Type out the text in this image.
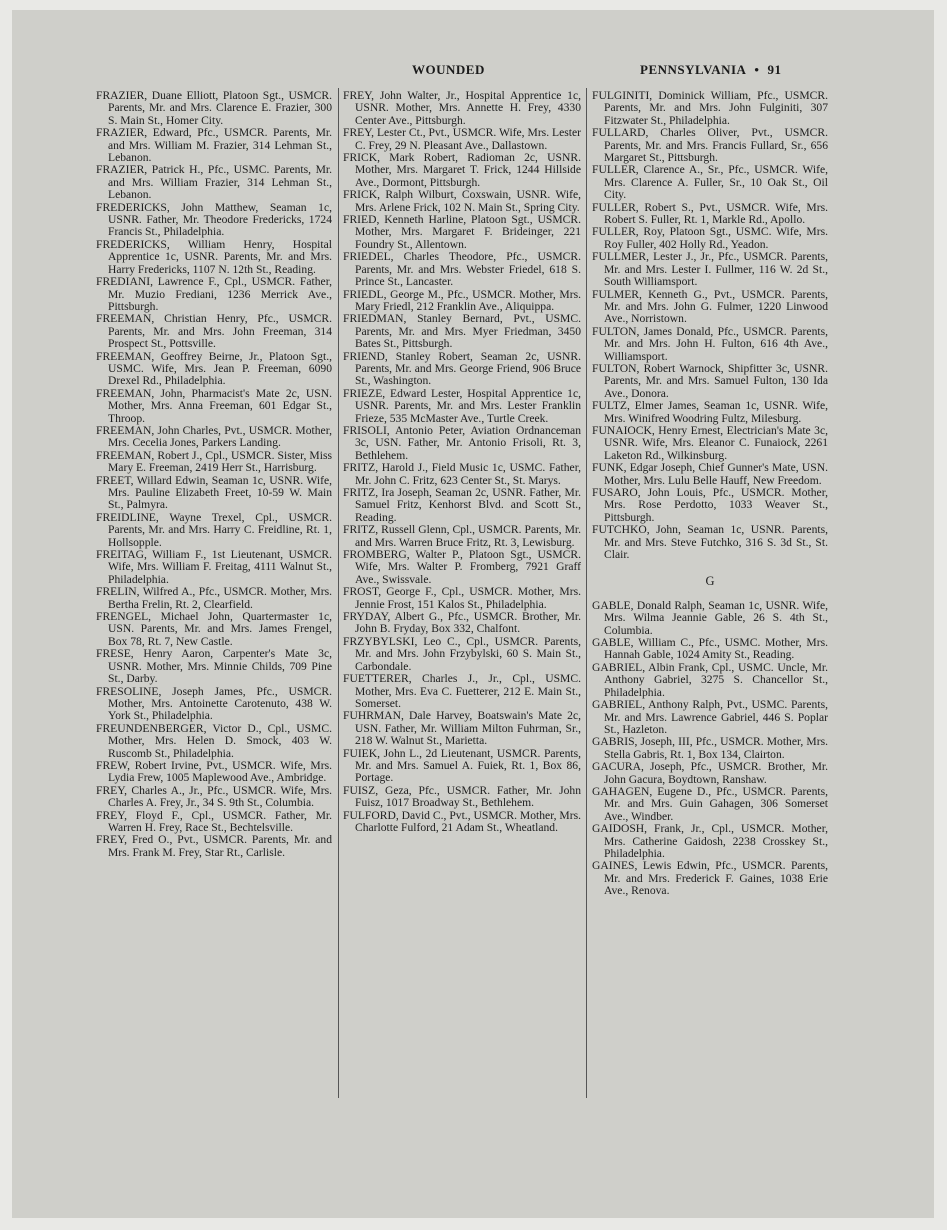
WOUNDED	PENNSYLVANIA • 91
FRAZIER, Duane Elliott, Platoon Sgt., USMCR. Parents, Mr. and Mrs. Clarence E. Frazier, 300 S. Main St., Homer City.
FRAZIER, Edward, Pfc., USMCR. Parents, Mr. and Mrs. William M. Frazier, 314 Lehman St., Lebanon.
FRAZIER, Patrick H., Pfc., USMC. Parents, Mr. and Mrs. William Frazier, 314 Lehman St., Lebanon.
FREDERICKS, John Matthew, Seaman 1c, USNR. Father, Mr. Theodore Fredericks, 1724 Francis St., Philadelphia.
FREDERICKS, William Henry, Hospital Apprentice 1c, USNR. Parents, Mr. and Mrs. Harry Fredericks, 1107 N. 12th St., Reading.
FREDIANI, Lawrence F., Cpl., USMCR. Father, Mr. Muzio Frediani, 1236 Merrick Ave., Pittsburgh.
FREEMAN, Christian Henry, Pfc., USMCR. Parents, Mr. and Mrs. John Freeman, 314 Prospect St., Pottsville.
FREEMAN, Geoffrey Beirne, Jr., Platoon Sgt., USMC. Wife, Mrs. Jean P. Freeman, 6090 Drexel Rd., Philadelphia.
FREEMAN, John, Pharmacist's Mate 2c, USN. Mother, Mrs. Anna Freeman, 601 Edgar St., Throop.
FREEMAN, John Charles, Pvt., USMCR. Mother, Mrs. Cecelia Jones, Parkers Landing.
FREEMAN, Robert J., Cpl., USMCR. Sister, Miss Mary E. Freeman, 2419 Herr St., Harrisburg.
FREET, Willard Edwin, Seaman 1c, USNR. Wife, Mrs. Pauline Elizabeth Freet, 10-59 W. Main St., Palmyra.
FREIDLINE, Wayne Trexel, Cpl., USMCR. Parents, Mr. and Mrs. Harry C. Freidline, Rt. 1, Hollsopple.
FREITAG, William F., 1st Lieutenant, USMCR. Wife, Mrs. William F. Freitag, 4111 Walnut St., Philadelphia.
FRELIN, Wilfred A., Pfc., USMCR. Mother, Mrs. Bertha Frelin, Rt. 2, Clearfield.
FRENGEL, Michael John, Quartermaster 1c, USN. Parents, Mr. and Mrs. James Frengel, Box 78, Rt. 7, New Castle.
FRESE, Henry Aaron, Carpenter's Mate 3c, USNR. Mother, Mrs. Minnie Childs, 709 Pine St., Darby.
FRESOLINE, Joseph James, Pfc., USMCR. Mother, Mrs. Antoinette Carotenuto, 438 W. York St., Philadelphia.
FREUNDENBERGER, Victor D., Cpl., USMC. Mother, Mrs. Helen D. Smock, 403 W. Ruscomb St., Philadelphia.
FREW, Robert Irvine, Pvt., USMCR. Wife, Mrs. Lydia Frew, 1005 Maplewood Ave., Ambridge.
FREY, Charles A., Jr., Pfc., USMCR. Wife, Mrs. Charles A. Frey, Jr., 34 S. 9th St., Columbia.
FREY, Floyd F., Cpl., USMCR. Father, Mr. Warren H. Frey, Race St., Bechtelsville.
FREY, Fred O., Pvt., USMCR. Parents, Mr. and Mrs. Frank M. Frey, Star Rt., Carlisle.
FREY, John Walter, Jr., Hospital Apprentice 1c, USNR. Mother, Mrs. Annette H. Frey, 4330 Center Ave., Pittsburgh.
FREY, Lester Ct., Pvt., USMCR. Wife, Mrs. Lester C. Frey, 29 N. Pleasant Ave., Dallastown.
FRICK, Mark Robert, Radioman 2c, USNR. Mother, Mrs. Margaret T. Frick, 1244 Hillside Ave., Dormont, Pittsburgh.
FRICK, Ralph Wilburt, Coxswain, USNR. Wife, Mrs. Arlene Frick, 102 N. Main St., Spring City.
FRIED, Kenneth Harline, Platoon Sgt., USMCR. Mother, Mrs. Margaret F. Brideinger, 221 Foundry St., Allentown.
FRIEDEL, Charles Theodore, Pfc., USMCR. Parents, Mr. and Mrs. Webster Friedel, 618 S. Prince St., Lancaster.
FRIEDL, George M., Pfc., USMCR. Mother, Mrs. Mary Friedl, 212 Franklin Ave., Aliquippa.
FRIEDMAN, Stanley Bernard, Pvt., USMC. Parents, Mr. and Mrs. Myer Friedman, 3450 Bates St., Pittsburgh.
FRIEND, Stanley Robert, Seaman 2c, USNR. Parents, Mr. and Mrs. George Friend, 906 Bruce St., Washington.
FRIEZE, Edward Lester, Hospital Apprentice 1c, USNR. Parents, Mr. and Mrs. Lester Franklin Frieze, 535 McMaster Ave., Turtle Creek.
FRISOLI, Antonio Peter, Aviation Ordnanceman 3c, USN. Father, Mr. Antonio Frisoli, Rt. 3, Bethlehem.
FRITZ, Harold J., Field Music 1c, USMC. Father, Mr. John C. Fritz, 623 Center St., St. Marys.
FRITZ, Ira Joseph, Seaman 2c, USNR. Father, Mr. Samuel Fritz, Kenhorst Blvd. and Scott St., Reading.
FRITZ, Russell Glenn, Cpl., USMCR. Parents, Mr. and Mrs. Warren Bruce Fritz, Rt. 3, Lewisburg.
FROMBERG, Walter P., Platoon Sgt., USMCR. Wife, Mrs. Walter P. Fromberg, 7921 Graff Ave., Swissvale.
FROST, George F., Cpl., USMCR. Mother, Mrs. Jennie Frost, 151 Kalos St., Philadelphia.
FRYDAY, Albert G., Pfc., USMCR. Brother, Mr. John B. Fryday, Box 332, Chalfont.
FRZYBYLSKI, Leo C., Cpl., USMCR. Parents, Mr. and Mrs. John Frzybylski, 60 S. Main St., Carbondale.
FUETTERER, Charles J., Jr., Cpl., USMC. Mother, Mrs. Eva C. Fuetterer, 212 E. Main St., Somerset.
FUHRMAN, Dale Harvey, Boatswain's Mate 2c, USN. Father, Mr. William Milton Fuhrman, Sr., 218 W. Walnut St., Marietta.
FUIEK, John L., 2d Lieutenant, USMCR. Parents, Mr. and Mrs. Samuel A. Fuiek, Rt. 1, Box 86, Portage.
FUISZ, Geza, Pfc., USMCR. Father, Mr. John Fuisz, 1017 Broadway St., Bethlehem.
FULFORD, David C., Pvt., USMCR. Mother, Mrs. Charlotte Fulford, 21 Adam St., Wheatland.
FULGINITI, Dominick William, Pfc., USMCR. Parents, Mr. and Mrs. John Fulginiti, 307 Fitzwater St., Philadelphia.
FULLARD, Charles Oliver, Pvt., USMCR. Parents, Mr. and Mrs. Francis Fullard, Sr., 656 Margaret St., Pittsburgh.
FULLER, Clarence A., Sr., Pfc., USMCR. Wife, Mrs. Clarence A. Fuller, Sr., 10 Oak St., Oil City.
FULLER, Robert S., Pvt., USMCR. Wife, Mrs. Robert S. Fuller, Rt. 1, Markle Rd., Apollo.
FULLER, Roy, Platoon Sgt., USMC. Wife, Mrs. Roy Fuller, 402 Holly Rd., Yeadon.
FULLMER, Lester J., Jr., Pfc., USMCR. Parents, Mr. and Mrs. Lester I. Fullmer, 116 W. 2d St., South Williamsport.
FULMER, Kenneth G., Pvt., USMCR. Parents, Mr. and Mrs. John G. Fulmer, 1220 Linwood Ave., Norristown.
FULTON, James Donald, Pfc., USMCR. Parents, Mr. and Mrs. John H. Fulton, 616 4th Ave., Williamsport.
FULTON, Robert Warnock, Shipfitter 3c, USNR. Parents, Mr. and Mrs. Samuel Fulton, 130 Ida Ave., Donora.
FULTZ, Elmer James, Seaman 1c, USNR. Wife, Mrs. Winifred Woodring Fultz, Milesburg.
FUNAIOCK, Henry Ernest, Electrician's Mate 3c, USNR. Wife, Mrs. Eleanor C. Funaiock, 2261 Laketon Rd., Wilkinsburg.
FUNK, Edgar Joseph, Chief Gunner's Mate, USN. Mother, Mrs. Lulu Belle Hauff, New Freedom.
FUSARO, John Louis, Pfc., USMCR. Mother, Mrs. Rose Perdotto, 1033 Weaver St., Pittsburgh.
FUTCHKO, John, Seaman 1c, USNR. Parents, Mr. and Mrs. Steve Futchko, 316 S. 3d St., St. Clair.
G
GABLE, Donald Ralph, Seaman 1c, USNR. Wife, Mrs. Wilma Jeannie Gable, 26 S. 4th St., Columbia.
GABLE, William C., Pfc., USMC. Mother, Mrs. Hannah Gable, 1024 Amity St., Reading.
GABRIEL, Albin Frank, Cpl., USMC. Uncle, Mr. Anthony Gabriel, 3275 S. Chancellor St., Philadelphia.
GABRIEL, Anthony Ralph, Pvt., USMC. Parents, Mr. and Mrs. Lawrence Gabriel, 446 S. Poplar St., Hazleton.
GABRIS, Joseph, III, Pfc., USMCR. Mother, Mrs. Stella Gabris, Rt. 1, Box 134, Clairton.
GACURA, Joseph, Pfc., USMCR. Brother, Mr. John Gacura, Boydtown, Ranshaw.
GAHAGEN, Eugene D., Pfc., USMCR. Parents, Mr. and Mrs. Guin Gahagen, 306 Somerset Ave., Windber.
GAIDOSH, Frank, Jr., Cpl., USMCR. Mother, Mrs. Catherine Gaidosh, 2238 Crosskey St., Philadelphia.
GAINES, Lewis Edwin, Pfc., USMCR. Parents, Mr. and Mrs. Frederick F. Gaines, 1038 Erie Ave., Renova.
